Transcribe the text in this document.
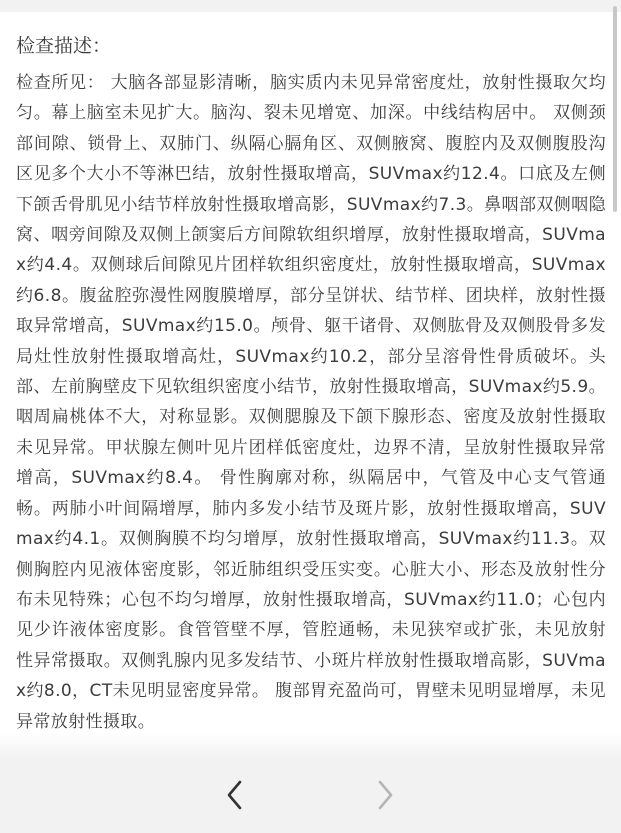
检查描述：

检查所见： 大脑各部显影清晰，脑实质内未见异常密度灶，放射性摄取欠均匀。幕上脑室未见扩大。脑沟、裂未见增宽、加深。中线结构居中。 双侧颈部间隙、锁骨上、双肺门、纵隔心膈角区、双侧腋窝、腹腔内及双侧腹股沟区见多个大小不等淋巴结，放射性摄取增高，SUVmax约12.4。口底及左侧下颌舌骨肌见小结节样放射性摄取增高影，SUVmax约7.3。鼻咽部双侧咽隐窝、咽旁间隙及双侧上颌窦后方间隙软组织增厚，放射性摄取增高，SUVmax约4.4。双侧球后间隙见片团样软组织密度灶，放射性摄取增高，SUVmax约6.8。腹盆腔弥漫性网腹膜增厚，部分呈饼状、结节样、团块样，放射性摄取异常增高，SUVmax约15.0。颅骨、躯干诸骨、双侧肱骨及双侧股骨多发局灶性放射性摄取增高灶，SUVmax约10.2，部分呈溶骨性骨质破坏。头部、左前胸壁皮下见软组织密度小结节，放射性摄取增高，SUVmax约5.9。 咽周扁桃体不大，对称显影。双侧腮腺及下颌下腺形态、密度及放射性摄取未见异常。甲状腺左侧叶见片团样低密度灶，边界不清，呈放射性摄取异常增高，SUVmax约8.4。 骨性胸廓对称，纵隔居中，气管及中心支气管通畅。两肺小叶间隔增厚，肺内多发小结节及斑片影，放射性摄取增高，SUVmax约4.1。双侧胸膜不均匀增厚，放射性摄取增高，SUVmax约11.3。双侧胸腔内见液体密度影，邻近肺组织受压实变。心脏大小、形态及放射性分布未见特殊；心包不均匀增厚，放射性摄取增高，SUVmax约11.0；心包内见少许液体密度影。食管管壁不厚，管腔通畅，未见狭窄或扩张，未见放射性异常摄取。双侧乳腺内见多发结节、小斑片样放射性摄取增高影，SUVmax约8.0，CT未见明显密度异常。 腹部胃充盈尚可，胃壁未见明显增厚，未见异常放射性摄取。
